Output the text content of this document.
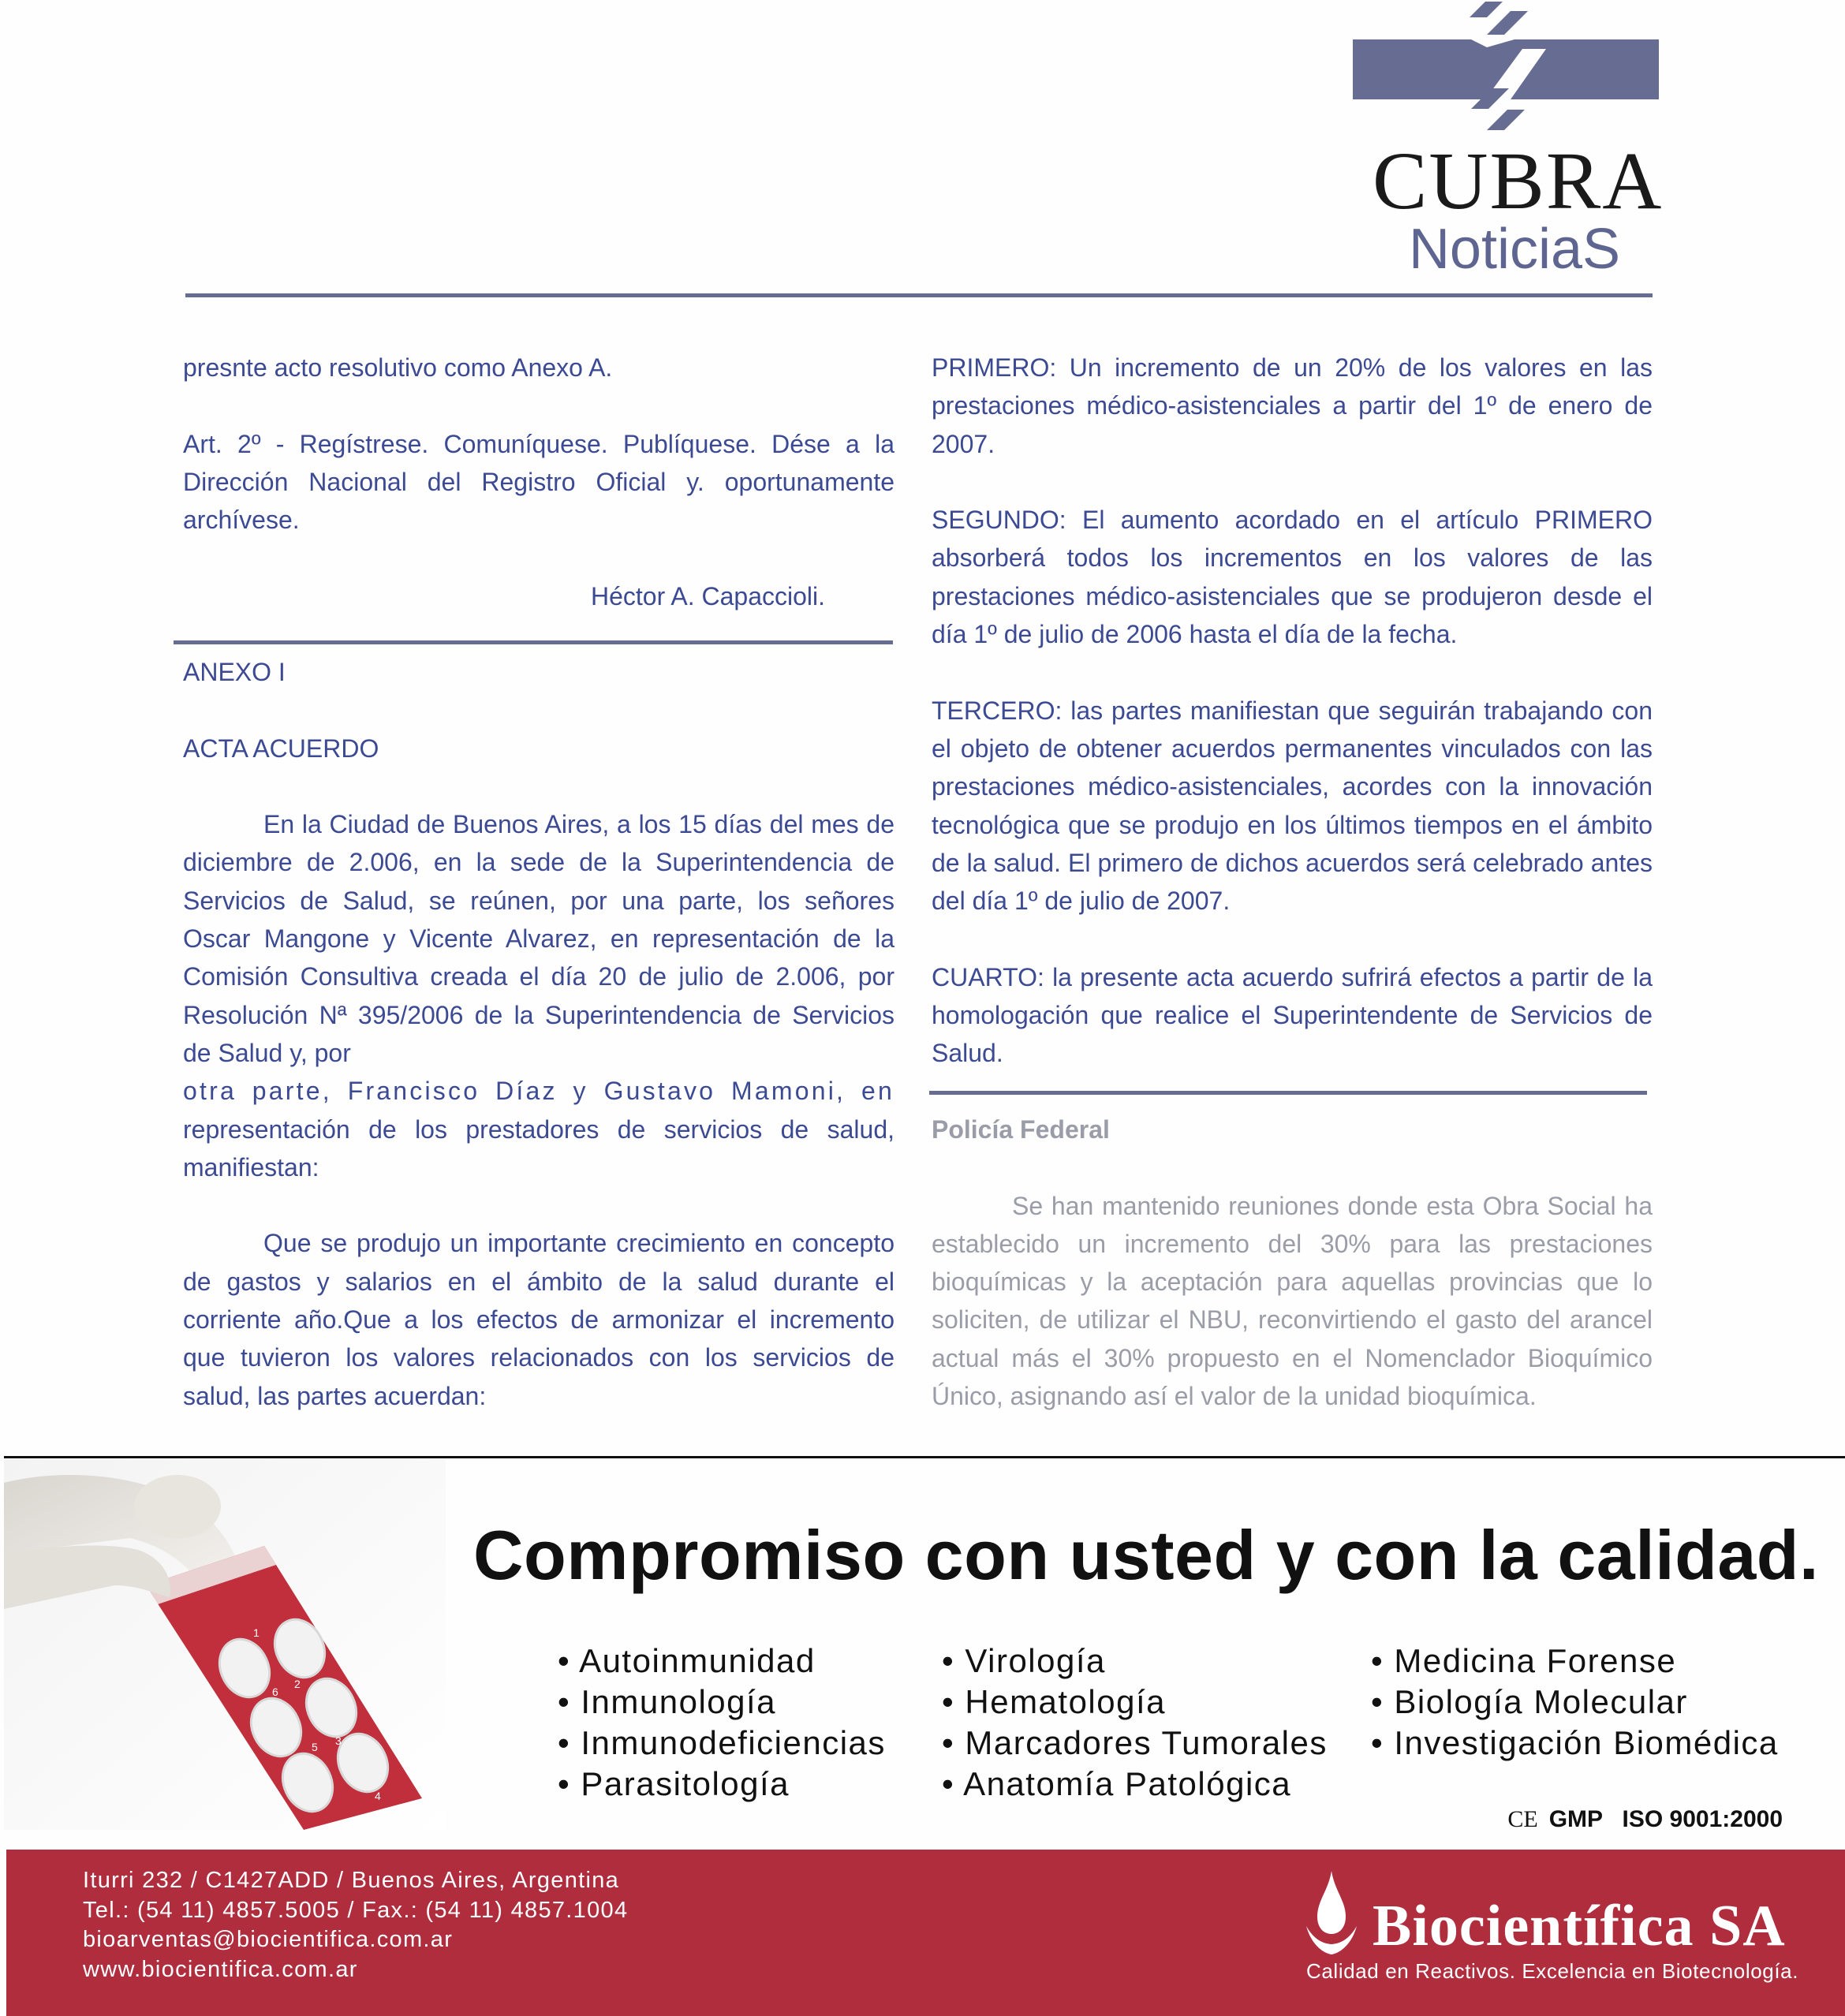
CUBRA
NoticiaS

presnte acto resolutivo como Anexo A.

Art. 2º - Regístrese. Comuníquese. Publíquese. Dése a la Dirección Nacional del Registro Oficial y. oportunamente archívese.

Héctor A. Capaccioli.

ANEXO I

ACTA ACUERDO

En la Ciudad de Buenos Aires, a los 15 días del mes de diciembre de 2.006, en la sede de la Superintendencia de Servicios de Salud, se reúnen, por una parte, los señores Oscar Mangone y Vicente Alvarez, en representación de la Comisión Consultiva creada el día 20 de julio de 2.006, por Resolución Nª 395/2006 de la Superintendencia de Servicios de Salud y, por

otra parte, Francisco Díaz y Gustavo Mamoni, en

representación de los prestadores de servicios de salud, manifiestan:

Que se produjo un importante crecimiento en concepto de gastos y salarios en el ámbito de la salud durante el corriente año.Que a los efectos de armonizar el incremento que tuvieron los valores relacionados con los servicios de salud, las partes acuerdan:

PRIMERO: Un incremento de un 20% de los valores en las prestaciones médico-asistenciales a partir del 1º de enero de 2007.

SEGUNDO: El aumento acordado en el artículo PRIMERO absorberá todos los incrementos en los valores de las prestaciones médico-asistenciales que se produjeron desde el día 1º de julio de 2006 hasta el día de la fecha.

TERCERO: las partes manifiestan que seguirán trabajando con el objeto de obtener acuerdos permanentes vinculados con las prestaciones médico-asistenciales, acordes con la innovación tecnológica que se produjo en los últimos tiempos en el ámbito de la salud. El primero de dichos acuerdos será celebrado antes del día 1º de julio de 2007.

CUARTO: la presente acta acuerdo sufrirá efectos a partir de la homologación que realice el Superintendente de Servicios de Salud.

Policía Federal

Se han mantenido reuniones donde esta Obra Social ha establecido un incremento del 30% para las prestaciones bioquímicas y la aceptación para aquellas provincias que lo soliciten, de utilizar el NBU, reconvirtiendo el gasto del arancel actual más el 30% propuesto en el Nomenclador Bioquímico Único, asignando así el valor de la unidad bioquímica.

1
2
3
4
5
6
Compromiso con usted y con la calidad.
• Autoinmunidad
• Inmunología
• Inmunodeficiencias
• Parasitología
• Virología
• Hematología
• Marcadores Tumorales
• Anatomía Patológica
• Medicina Forense
• Biología Molecular
• Investigación Biomédica
CE GMP   ISO 9001:2000
Iturri 232 / C1427ADD / Buenos Aires, Argentina
Tel.: (54 11) 4857.5005 / Fax.: (54 11) 4857.1004
bioarventas@biocientifica.com.ar
www.biocientifica.com.ar
Biocientífica SA
Calidad en Reactivos. Excelencia en Biotecnología.
